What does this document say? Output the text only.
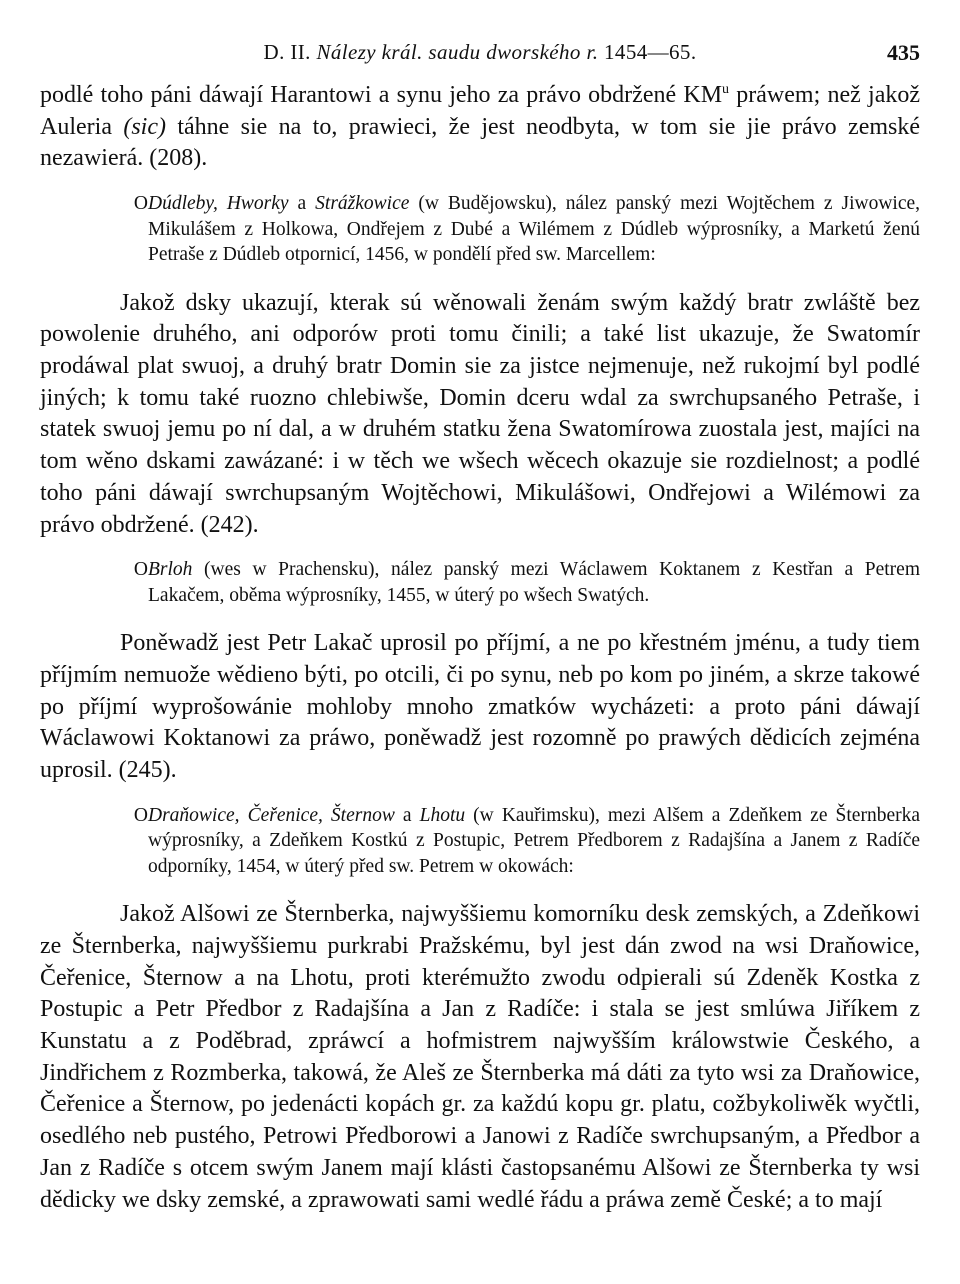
D. II. Nálezy král. saudu dworského r. 1454—65.	435

podlé toho páni dáwají Harantowi a synu jeho za právo obdržené $KM^u$ práwem; než jakož Auleria (sic) táhne sie na to, prawieci, že jest neodbyta, w tom sie jie právo zemské nezawierá. (208).

ODúdleby, Hworky a Strážkowice (w Budějowsku), nález panský mezi Wojtěchem z Jiwowice, Mikulášem z Holkowa, Ondřejem z Dubé a Wilémem z Dúdleb wýprosníky, a Marketú ženú Petraše z Dúdleb otpornicí, 1456, w pondělí před sw. Marcellem:

Jakož dsky ukazují, kterak sú wěnowali ženám swým každý bratr zwláště bez powolenie druhého, ani odporów proti tomu činili; a také list ukazuje, že Swatomír prodáwal plat swuoj, a druhý bratr Domin sie za jistce nejmenuje, než rukojmí byl podlé jiných; k tomu také ruozno chlebiwše, Domin dceru wdal za swrchupsaného Petraše, i statek swuoj jemu po ní dal, a w druhém statku žena Swatomírowa zuostala jest, majíci na tom wěno dskami zawázané: i w těch we wšech wěcech okazuje sie rozdielnost; a podlé toho páni dáwají swrchupsaným Wojtěchowi, Mikulášowi, Ondřejowi a Wilémowi za právo obdržené. (242).

OBrloh (wes w Prachensku), nález panský mezi Wáclawem Koktanem z Kestřan a Petrem Lakačem, oběma wýprosníky, 1455, w úterý po wšech Swatých.

Poněwadž jest Petr Lakač uprosil po příjmí, a ne po křestném jménu, a tudy tiem příjmím nemuože wědieno býti, po otcili, či po synu, neb po kom po jiném, a skrze takowé po příjmí wyprošowánie mohloby mnoho zmatków wycházeti: a proto páni dáwají Wáclawowi Koktanowi za práwo, poněwadž jest rozomně po prawých dědicích zejména uprosil. (245).

ODraňowice, Čeřenice, Šternow a Lhotu (w Kauřimsku), mezi Alšem a Zdeňkem ze Šternberka wýprosníky, a Zdeňkem Kostkú z Postupic, Petrem Předborem z Radajšína a Janem z Radíče odporníky, 1454, w úterý před sw. Petrem w okowách:

Jakož Alšowi ze Šternberka, najwyššiemu komorníku desk zemských, a Zdeňkowi ze Šternberka, najwyššiemu purkrabi Pražskému, byl jest dán zwod na wsi Draňowice, Čeřenice, Šternow a na Lhotu, proti kterémužto zwodu odpierali sú Zdeněk Kostka z Postupic a Petr Předbor z Radajšína a Jan z Radíče: i stala se jest smlúwa Jiříkem z Kunstatu a z Poděbrad, zpráwcí a hofmistrem najwyšším králowstwie Českého, a Jindřichem z Rozmberka, takowá, že Aleš ze Šternberka má dáti za tyto wsi za Draňowice, Čeřenice a Šternow, po jedenácti kopách gr. za každú kopu gr. platu, cožbykoliwěk wyčtli, osedlého neb pustého, Petrowi Předborowi a Janowi z Radíče swrchupsaným, a Předbor a Jan z Radíče s otcem swým Janem mají klásti častopsanému Alšowi ze Šternberka ty wsi dědicky we dsky zemské, a zprawowati sami wedlé řádu a práwa země České; a to mají
